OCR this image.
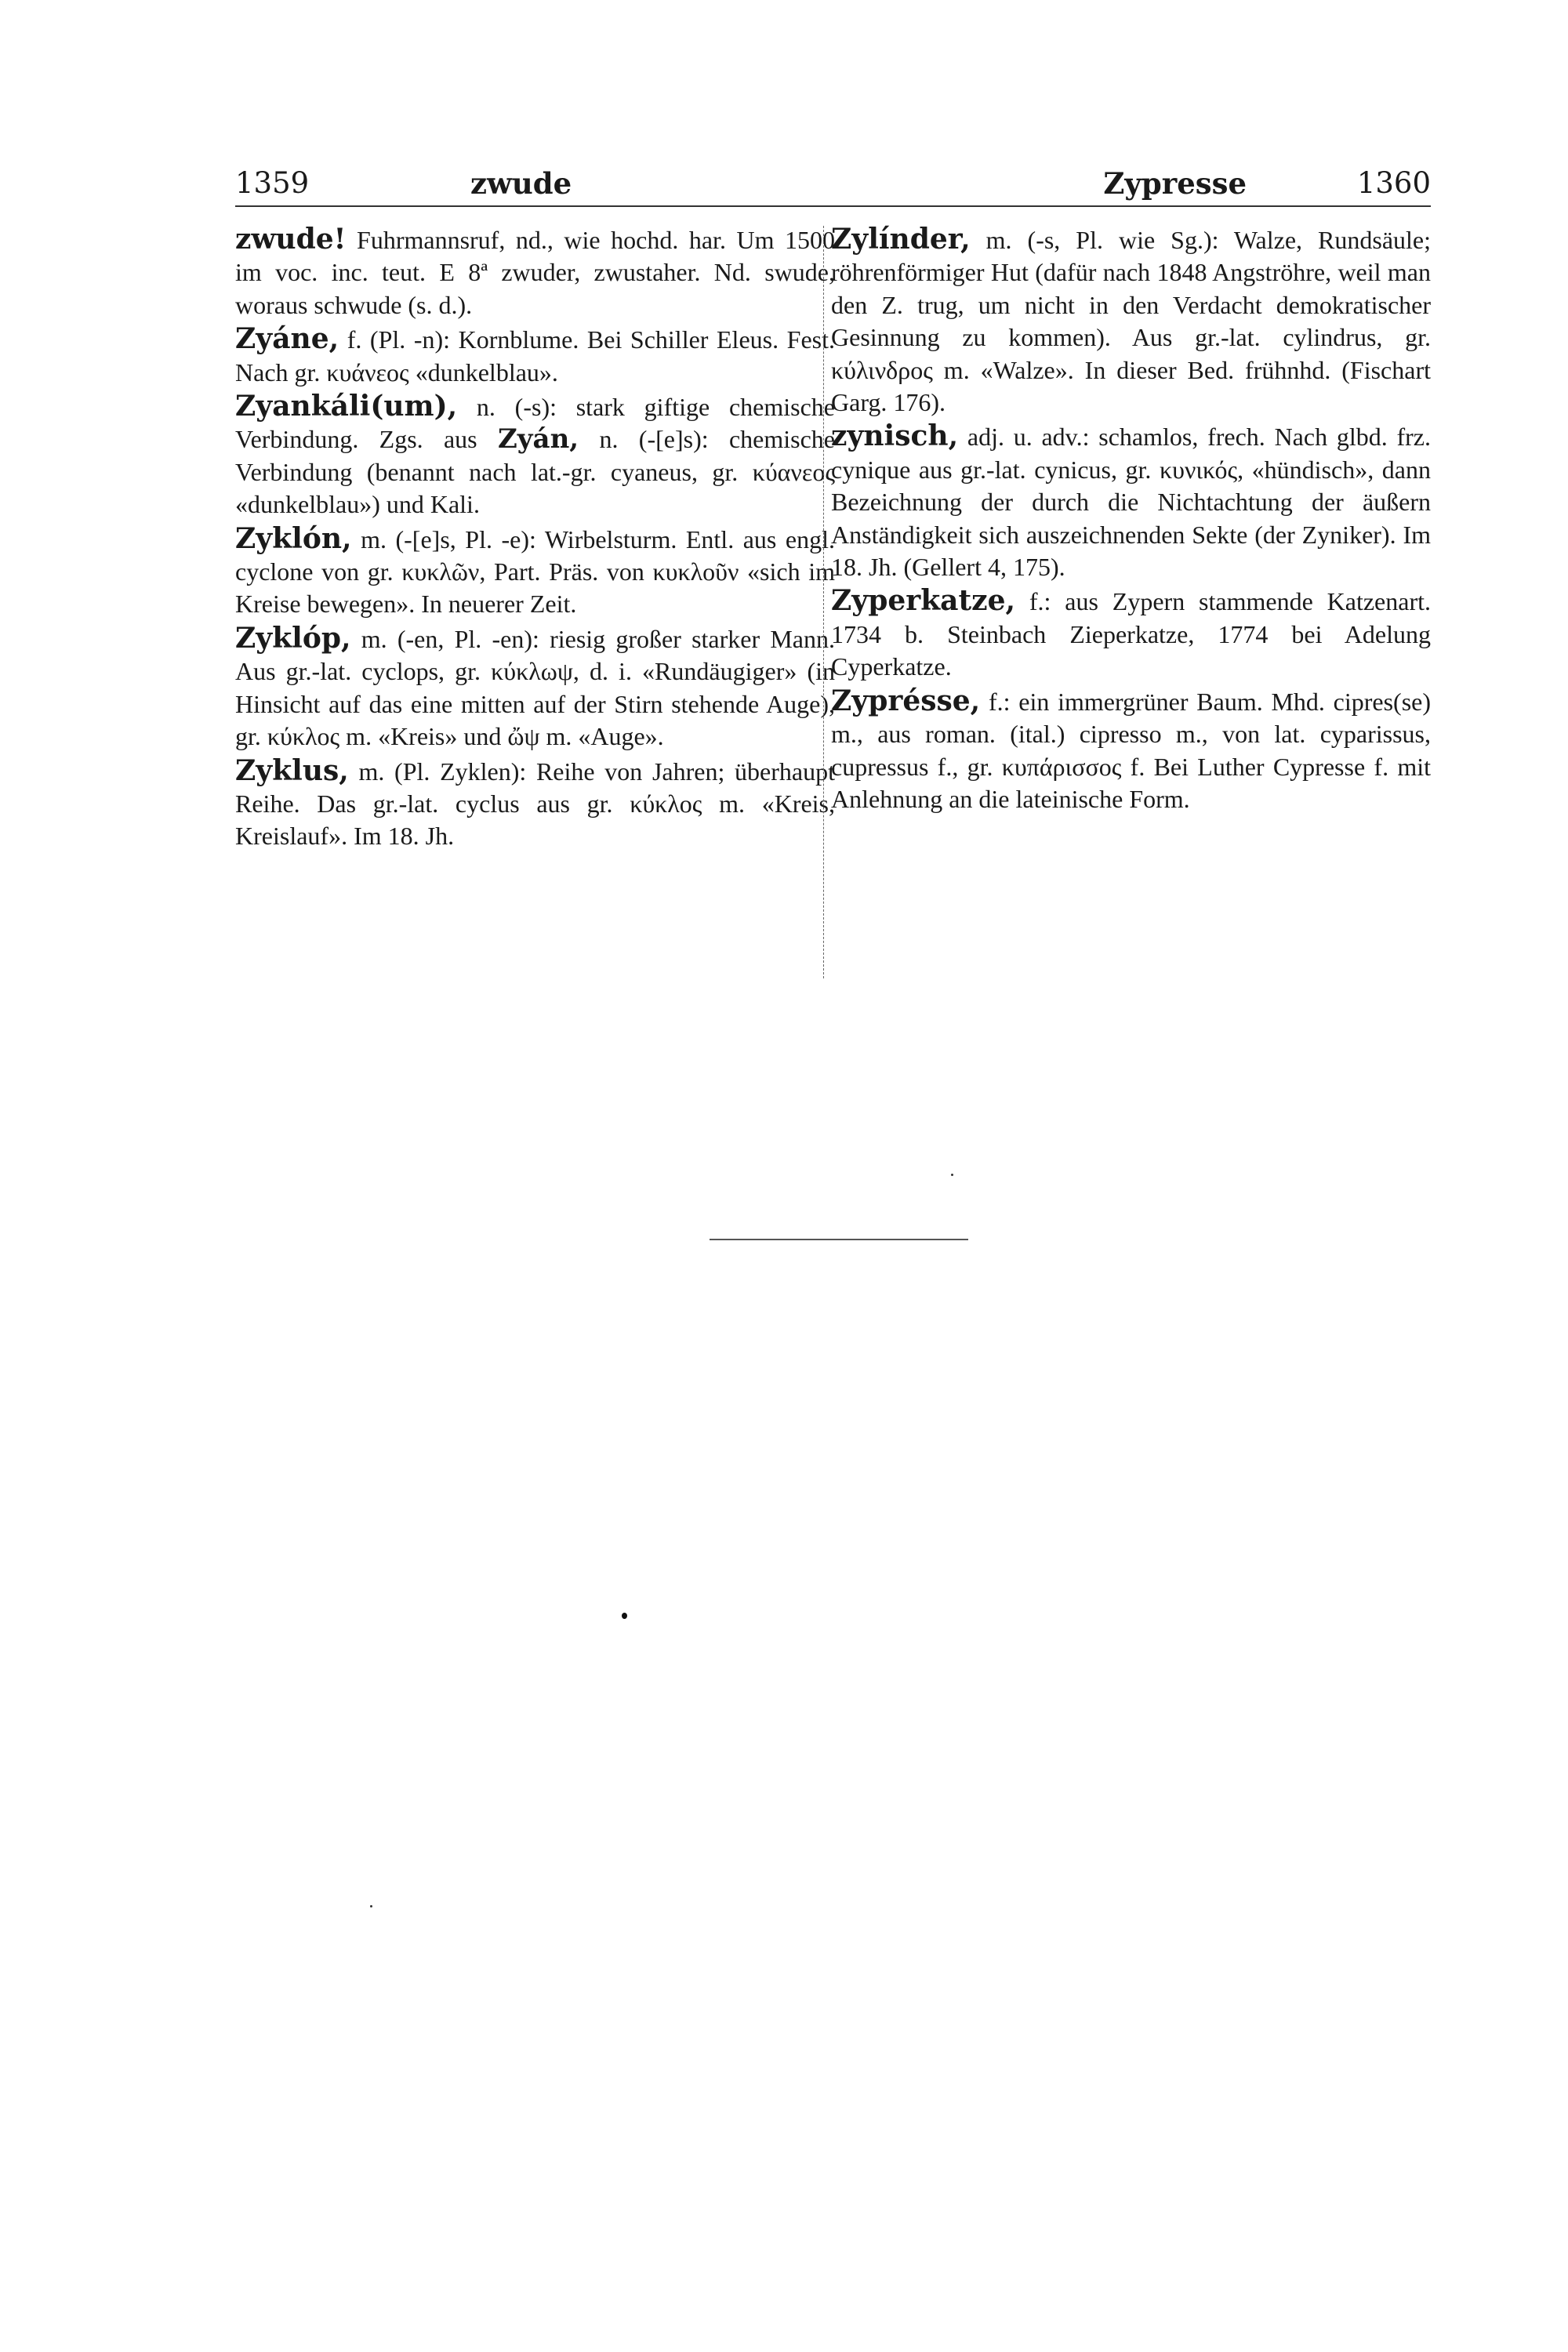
1359	zwude	Zypresse	1360

zwude! Fuhrmannsruf, nd., wie hochd. har. Um 1500 im voc. inc. teut. E 8ª zwuder, zwustaher. Nd. swude, woraus schwude (s. d.).

Zyáne, f. (Pl. -n): Kornblume. Bei Schiller Eleus. Fest. Nach gr. κυάνεος «dunkelblau».

Zyankáli(um), n. (-s): stark giftige chemische Verbindung. Zgs. aus Zyán, n. (-[e]s): chemische Verbindung (benannt nach lat.-gr. cyaneus, gr. κύανεος «dunkelblau») und Kali.

Zyklón, m. (-[e]s, Pl. -e): Wirbelsturm. Entl. aus engl. cyclone von gr. κυκλῶν, Part. Präs. von κυκλοῦν «sich im Kreise bewegen». In neuerer Zeit.

Zyklóp, m. (-en, Pl. -en): riesig großer starker Mann. Aus gr.-lat. cyclops, gr. κύκλωψ, d. i. «Rundäugiger» (in Hinsicht auf das eine mitten auf der Stirn stehende Auge), gr. κύκλος m. «Kreis» und ὤψ m. «Auge».

Zyklus, m. (Pl. Zyklen): Reihe von Jahren; überhaupt Reihe. Das gr.-lat. cyclus aus gr. κύκλος m. «Kreis, Kreislauf». Im 18. Jh.

Zylínder, m. (-s, Pl. wie Sg.): Walze, Rundsäule; röhrenförmiger Hut (dafür nach 1848 Angströhre, weil man den Z. trug, um nicht in den Verdacht demokratischer Gesinnung zu kommen). Aus gr.-lat. cylindrus, gr. κύλινδρος m. «Walze». In dieser Bed. frühnhd. (Fischart Garg. 176).

zynisch, adj. u. adv.: schamlos, frech. Nach glbd. frz. cynique aus gr.-lat. cynicus, gr. κυνικός, «hündisch», dann Bezeichnung der durch die Nichtachtung der äußern Anständigkeit sich auszeichnenden Sekte (der Zyniker). Im 18. Jh. (Gellert 4, 175).

Zyperkatze, f.: aus Zypern stammende Katzenart. 1734 b. Steinbach Zieperkatze, 1774 bei Adelung Cyperkatze.

Zyprésse, f.: ein immergrüner Baum. Mhd. cipres(se) m., aus roman. (ital.) cipresso m., von lat. cyparissus, cupressus f., gr. κυπάρισσος f. Bei Luther Cypresse f. mit Anlehnung an die lateinische Form.
